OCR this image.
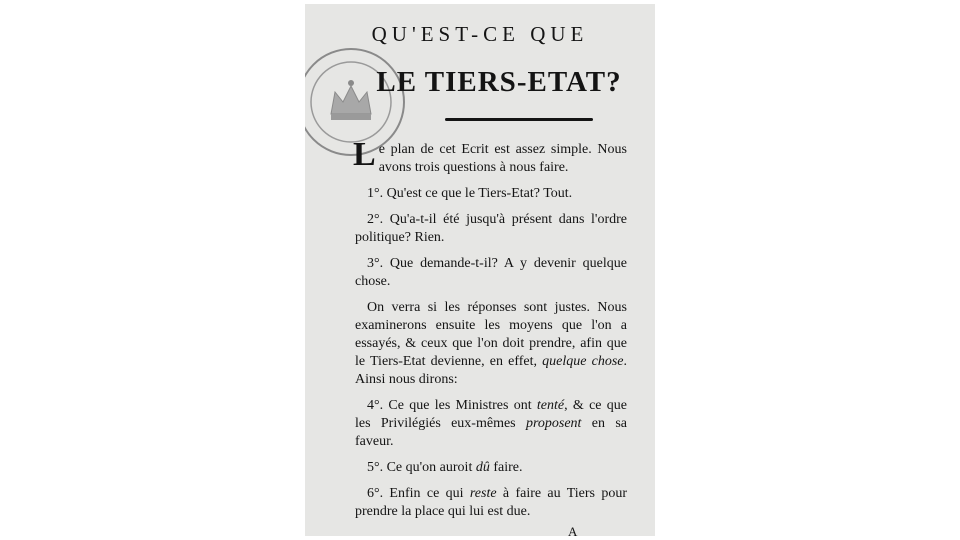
QU'EST-CE QUE
LE TIERS-ETAT?

Le plan de cet Ecrit est assez simple. Nous avons trois questions à nous faire.

1°. Qu'est ce que le Tiers-Etat? Tout.

2°. Qu'a-t-il été jusqu'à présent dans l'ordre politique? Rien.

3°. Que demande-t-il? A y devenir quelque chose.

On verra si les réponses sont justes. Nous examinerons ensuite les moyens que l'on a essayés, & ceux que l'on doit prendre, afin que le Tiers-Etat devienne, en effet, quelque chose. Ainsi nous dirons:

4°. Ce que les Ministres ont tenté, & ce que les Privilégiés eux-mêmes proposent en sa faveur.

5°. Ce qu'on auroit dû faire.

6°. Enfin ce qui reste à faire au Tiers pour prendre la place qui lui est due.

A
